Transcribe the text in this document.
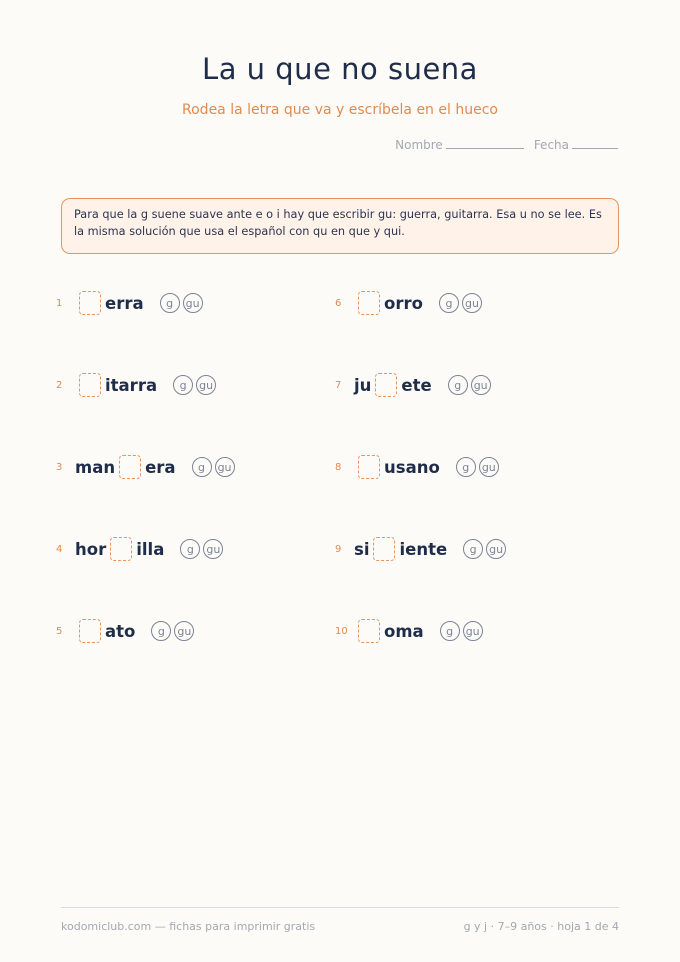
La u que no suena
Rodea la letra que va y escríbela en el hueco
Nombre	Fecha
Para que la g suene suave ante e o i hay que escribir gu: guerra, guitarra. Esa u no se lee. Es la misma solución que usa el español con qu en que y qui.
1	erra	g	gu
2	itarra	g	gu
3 man era	g	gu
4 hor illa	g	gu
5	ato	g	gu
6	orro	g	gu
7 ju ete	g	gu
8	usano	g	gu
9 si iente	g	gu
10 oma	g	gu
kodomiclub.com — fichas para imprimir gratis	g y j · 7–9 años · hoja 1 de 4
